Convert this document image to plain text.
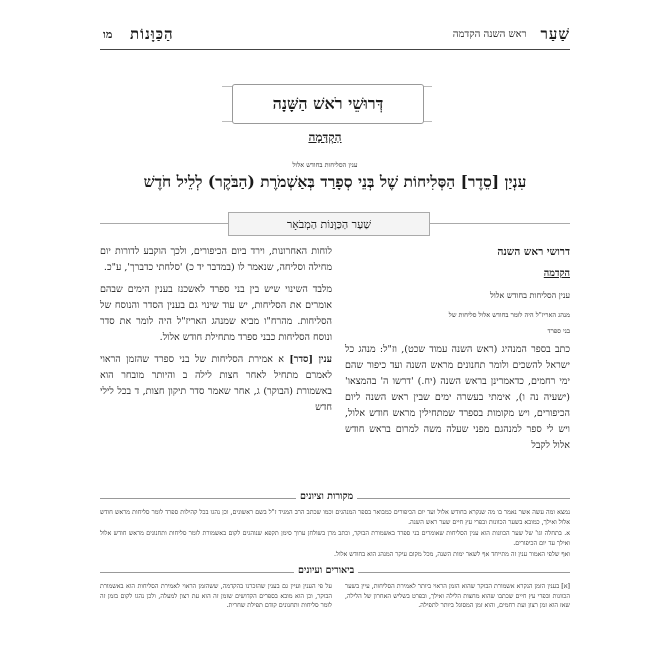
מו	שַׁעַר
ראש השנה הקדמה
הַכַּוָּנוֹת
דְּרוּשֵׁי רֹאשׁ הַשָּׁנָה
הַקְדָּמָה
ענין הסליחות בחודש אלול
עִנְיַן [סֵדֶר] הַסְּלִיחוֹת שֶׁל בְּנֵי סְפָרַד בְּאַשְׁמֹרֶת (הַבֹּקֶר) לְלֵיל חֹדֶשׁ
שַׁעַר הַכַּוָּנוֹת הַמְבֹאָר

דרושי ראש השנה

הקדמה

ענין הסליחות בחודש אלול

מנהג האריז"ל היה לומר בחודש אלול סליחות של

בני ספרד

כתב בספר המנהיג (ראש השנה עמוד שכט), וז"ל: מנהג כל ישראל להשכים ולומר תחנונים מראש השנה ועד כיפור שהם ימי רחמים, כדאמרינן בראש השנה (יח.) 'דרשו ה' בהמצאו' (ישעיה נה ו), אימתי בעשרה ימים שבין ראש השנה ליום הכיפורים, ויש מקומות בספרד שמתחילין מראש חודש אלול, ויש לי ספר למנהגם מפני שעלה משה למרום בראש חודש אלול לקבל

לוחות האחרונות, וירד ביום הכיפורים, ולכך הוקבע לדורות יום מחילה וסליחה, שנאמר לו (במדבר יד כ) 'סלחתי כדברך', ע"כ.

מלבד השינוי שיש בין בני ספרד לאשכנז בענין הימים שבהם אומרים את הסליחות, יש עוד שינוי גם בענין הסדר והנוסח של הסליחות. מהרח"ו מביא שמנהג האריז"ל היה לומר את סדר ונוסח הסליחות כבני ספרד מתחילת חודש אלול.

ענין [סדר] א אמירת הסליחות של בני ספרד שהזמן הראוי לאמרם מתחיל לאחר חצות לילה ב והיותר מובחר הוא באשמורת (הבוקר) ג, אחר שאמר סדר תיקון חצות, ד בכל לילי חדש

מקורות וציונים

נמצא ומה עשה אשר נאמר בו מה שנקרא בחודש אלול ועד יום הכיפורים כמבואר בספר המנהגים וכמו שכתב הרב המגיד ז"ל בשם ראשונים, וכן נהגו בכל קהילות ספרד לומר סליחות מראש חודש אלול ואילך, כמובא בשער הכוונות ובפרי עץ חיים שער ראש השנה.

א. בתחלה וגו' של שער הכוונות הוא ענין הסליחות שאומרים בני ספרד באשמורת הבוקר, וכתב מרן בשולחן ערוך סימן תקפא שנוהגים לקום באשמורת לומר סליחות ותחנונים מראש חודש אלול ואילך עד יום הכיפורים.

ואף שלפי האמור ענין זה מתייחד אף לשאר ימות השנה, מכל מקום עיקר המנהג הוא בחודש אלול.

ביאורים ועיונים

[א] בענין הזמן הנקרא אשמורת הבוקר שהוא הזמן הראוי ביותר לאמירת הסליחות, עיין בשער הכוונות ובפרי עץ חיים שכתבו שהוא מחצות הלילה ואילך, ובפרט בשליש האחרון של הלילה, שאז הוא זמן רצון ועת רחמים, והוא זמן המסוגל ביותר לתפילה.

על פי הענין ועיין גם בענין שהזכרנו בהקדמה, ששהזמן הראוי לאמירת הסליחות הוא באשמורת הבוקר, וכן הוא מובא בספרים הקדושים שזמן זה הוא עת רצון למעלה, ולכן נהגו לקום בזמן זה לומר סליחות ותחנונים קודם תפילת שחרית.
